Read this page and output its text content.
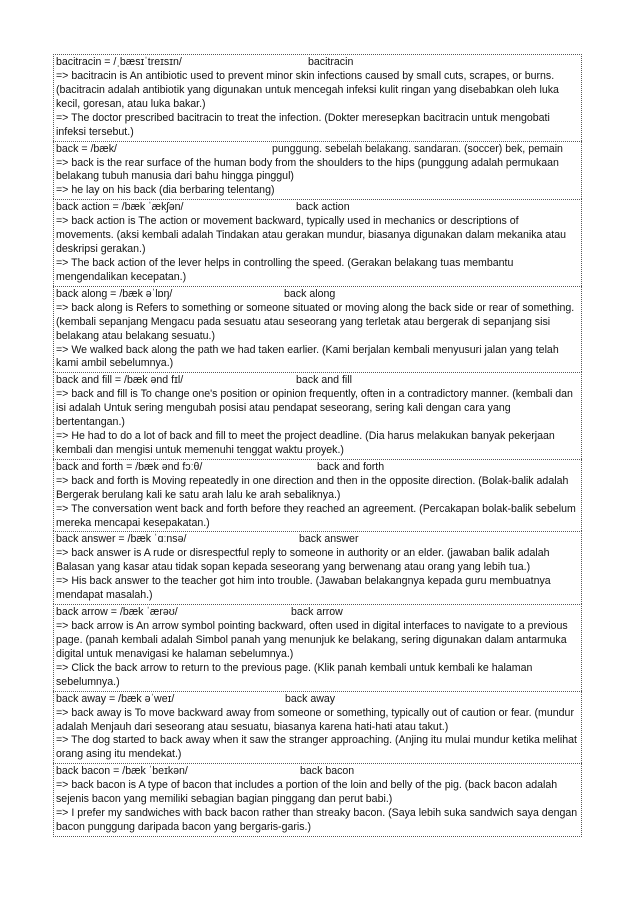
bacitracin = /ˌbæsɪˈtreɪsɪn/	bacitracin
=> bacitracin is An antibiotic used to prevent minor skin infections caused by small cuts, scrapes, or burns. (bacitracin adalah antibiotik yang digunakan untuk mencegah infeksi kulit ringan yang disebabkan oleh luka kecil, goresan, atau luka bakar.)
=> The doctor prescribed bacitracin to treat the infection. (Dokter meresepkan bacitracin untuk mengobati infeksi tersebut.)
back = /bæk/	punggung. sebelah belakang. sandaran. (soccer) bek, pemain
=> back is the rear surface of the human body from the shoulders to the hips (punggung adalah permukaan belakang tubuh manusia dari bahu hingga pinggul)
=> he lay on his back (dia berbaring telentang)
back action = /bæk ˈækʃən/	back action
=> back action is The action or movement backward, typically used in mechanics or descriptions of movements. (aksi kembali adalah Tindakan atau gerakan mundur, biasanya digunakan dalam mekanika atau deskripsi gerakan.)
=> The back action of the lever helps in controlling the speed. (Gerakan belakang tuas membantu mengendalikan kecepatan.)
back along = /bæk əˈlɒŋ/	back along
=> back along is Refers to something or someone situated or moving along the back side or rear of something. (kembali sepanjang Mengacu pada sesuatu atau seseorang yang terletak atau bergerak di sepanjang sisi belakang atau belakang sesuatu.)
=> We walked back along the path we had taken earlier. (Kami berjalan kembali menyusuri jalan yang telah kami ambil sebelumnya.)
back and fill = /bæk ənd fɪl/	back and fill
=> back and fill is To change one's position or opinion frequently, often in a contradictory manner. (kembali dan isi adalah Untuk sering mengubah posisi atau pendapat seseorang, sering kali dengan cara yang bertentangan.)
=> He had to do a lot of back and fill to meet the project deadline. (Dia harus melakukan banyak pekerjaan kembali dan mengisi untuk memenuhi tenggat waktu proyek.)
back and forth = /bæk ənd fɔːθ/	back and forth
=> back and forth is Moving repeatedly in one direction and then in the opposite direction. (Bolak-balik adalah Bergerak berulang kali ke satu arah lalu ke arah sebaliknya.)
=> The conversation went back and forth before they reached an agreement. (Percakapan bolak-balik sebelum mereka mencapai kesepakatan.)
back answer = /bæk ˈɑːnsə/	back answer
=> back answer is A rude or disrespectful reply to someone in authority or an elder. (jawaban balik adalah Balasan yang kasar atau tidak sopan kepada seseorang yang berwenang atau orang yang lebih tua.)
=> His back answer to the teacher got him into trouble. (Jawaban belakangnya kepada guru membuatnya mendapat masalah.)
back arrow = /bæk ˈærəʊ/	back arrow
=> back arrow is An arrow symbol pointing backward, often used in digital interfaces to navigate to a previous page. (panah kembali adalah Simbol panah yang menunjuk ke belakang, sering digunakan dalam antarmuka digital untuk menavigasi ke halaman sebelumnya.)
=> Click the back arrow to return to the previous page. (Klik panah kembali untuk kembali ke halaman sebelumnya.)
back away = /bæk əˈweɪ/	back away
=> back away is To move backward away from someone or something, typically out of caution or fear. (mundur adalah Menjauh dari seseorang atau sesuatu, biasanya karena hati-hati atau takut.)
=> The dog started to back away when it saw the stranger approaching. (Anjing itu mulai mundur ketika melihat orang asing itu mendekat.)
back bacon = /bæk ˈbeɪkən/	back bacon
=> back bacon is A type of bacon that includes a portion of the loin and belly of the pig. (back bacon adalah sejenis bacon yang memiliki sebagian bagian pinggang dan perut babi.)
=> I prefer my sandwiches with back bacon rather than streaky bacon. (Saya lebih suka sandwich saya dengan bacon punggung daripada bacon yang bergaris-garis.)
